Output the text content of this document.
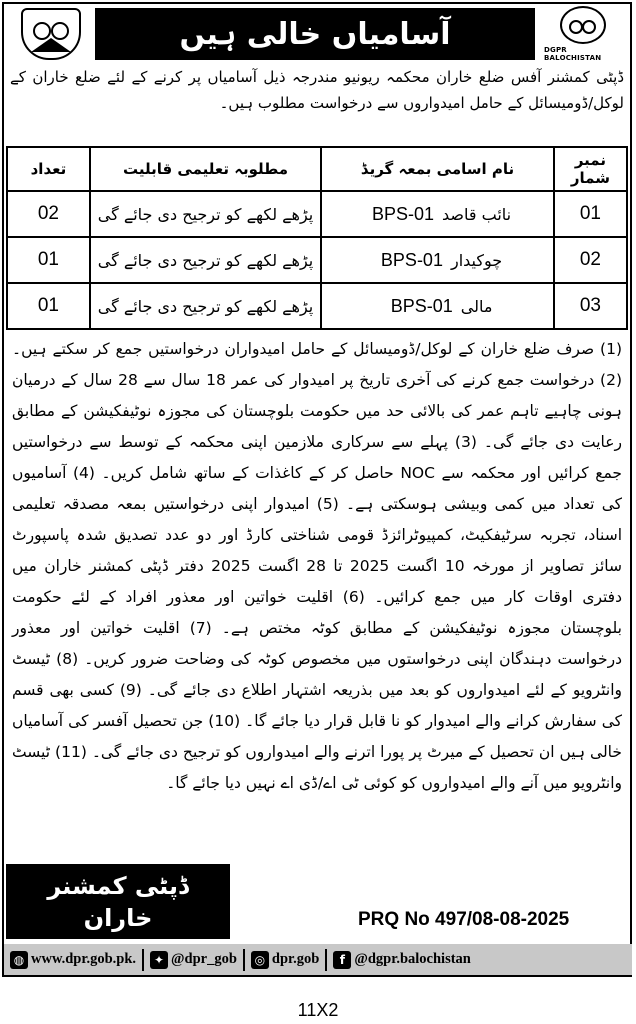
آسامیاں خالی ہیں	DGPR BALOCHISTAN
ڈپٹی کمشنر آفس ضلع خاران محکمہ ریونیو مندرجہ ذیل آسامیاں پر کرنے کے لئے ضلع خاران کے لوکل/ڈومیسائل کے حامل امیدواروں سے درخواست مطلوب ہیں۔
نمبر شمار	نام اسامی بمعہ گریڈ	مطلوبہ تعلیمی قابلیت	تعداد
01	نائب قاصدBPS-01	پڑھے لکھے کو ترجیح دی جائے گی	02
02	چوکیدارBPS-01	پڑھے لکھے کو ترجیح دی جائے گی	01
03	مالیBPS-01	پڑھے لکھے کو ترجیح دی جائے گی	01
(1) صرف ضلع خاران کے لوکل/ڈومیسائل کے حامل امیدواران درخواستیں جمع کر سکتے ہیں۔ (2) درخواست جمع کرنے کی آخری تاریخ پر امیدوار کی عمر 18 سال سے 28 سال کے درمیان ہونی چاہیے تاہم عمر کی بالائی حد میں حکومت بلوچستان کی مجوزہ نوٹیفکیشن کے مطابق رعایت دی جائے گی۔ (3) پہلے سے سرکاری ملازمین اپنی محکمہ کے توسط سے درخواستیں جمع کرائیں اور محکمہ سے NOC حاصل کر کے کاغذات کے ساتھ شامل کریں۔ (4) آسامیوں کی تعداد میں کمی وبیشی ہوسکتی ہے۔ (5) امیدوار اپنی درخواستیں بمعہ مصدقہ تعلیمی اسناد، تجربہ سرٹیفکیٹ، کمپیوٹرائزڈ قومی شناختی کارڈ اور دو عدد تصدیق شدہ پاسپورٹ سائز تصاویر از مورخہ 10 اگست 2025 تا 28 اگست 2025 دفتر ڈپٹی کمشنر خاران میں دفتری اوقات کار میں جمع کرائیں۔ (6) اقلیت خواتین اور معذور افراد کے لئے حکومت بلوچستان مجوزہ نوٹیفکیشن کے مطابق کوٹہ مختص ہے۔ (7) اقلیت خواتین اور معذور درخواست دہندگان اپنی درخواستوں میں مخصوص کوٹہ کی وضاحت ضرور کریں۔ (8) ٹیسٹ وانٹرویو کے لئے امیدواروں کو بعد میں بذریعہ اشتہار اطلاع دی جائے گی۔ (9) کسی بھی قسم کی سفارش کرانے والے امیدوار کو نا قابل قرار دیا جائے گا۔ (10) جن تحصیل آفسر کی آسامیاں خالی ہیں ان تحصیل کے میرٹ پر پورا اترنے والے امیدواروں کو ترجیح دی جائے گی۔ (11) ٹیسٹ وانٹرویو میں آنے والے امیدواروں کو کوئی ٹی اے/ڈی اے نہیں دیا جائے گا۔
ڈپٹی کمشنر
خاران	PRQ No 497/08-08-2025
◍ www.dpr.gob.pk.	✦ @dpr_gob	◎ dpr.gob	f @dgpr.balochistan
11X2
